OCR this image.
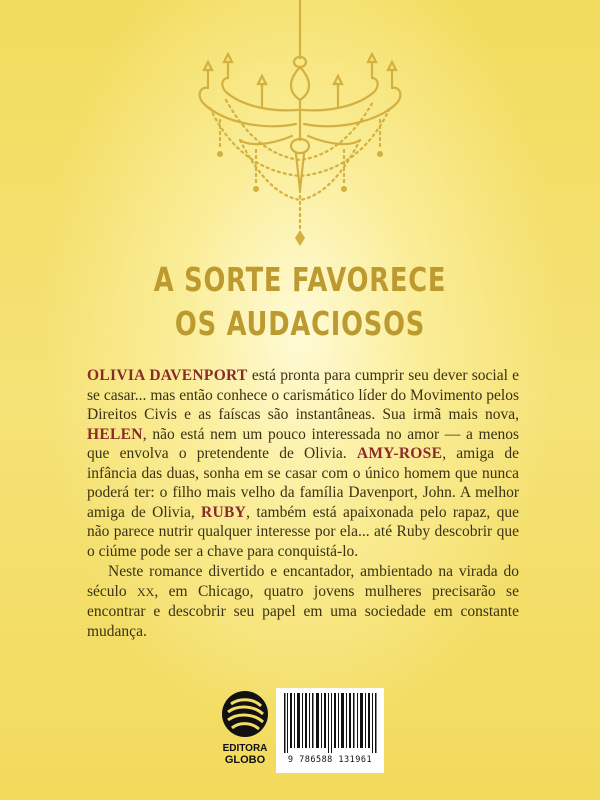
A SORTE FAVORECE
OS AUDACIOSOS

OLIVIA DAVENPORT está pronta para cumprir seu dever social e se casar... mas então conhece o carismático líder do Movimento pelos Direitos Civis e as faíscas são instantâneas. Sua irmã mais nova, HELEN, não está nem um pouco interessada no amor — a menos que envolva o pretendente de Olivia. AMY-ROSE, amiga de infância das duas, sonha em se casar com o único homem que nunca poderá ter: o filho mais velho da família Davenport, John. A melhor amiga de Olivia, RUBY, também está apaixonada pelo rapaz, que não parece nutrir qualquer interesse por ela... até Ruby descobrir que o ciúme pode ser a chave para conquistá-lo.

Neste romance divertido e encantador, ambientado na virada do século XX, em Chicago, quatro jovens mulheres precisarão se encontrar e descobrir seu papel em uma sociedade em constante mudança.

EDITORA
GLOBO	9 786588 131961
